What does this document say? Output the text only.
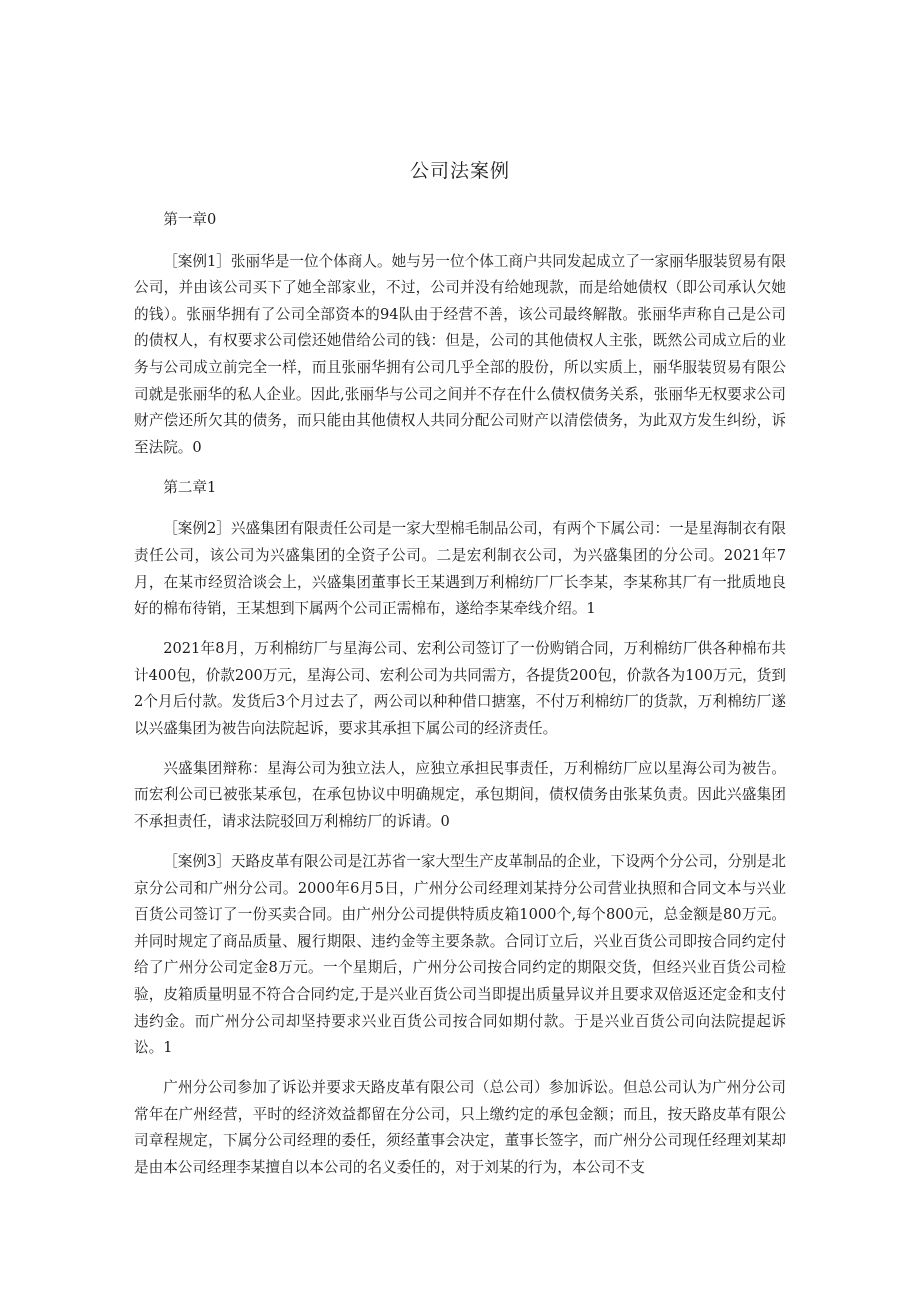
公司法案例

第一章0

［案例1］张丽华是一位个体商人。她与另一位个体工商户共同发起成立了一家丽华服装贸易有限公司，并由该公司买下了她全部家业，不过，公司并没有给她现款，而是给她债权（即公司承认欠她的钱）。张丽华拥有了公司全部资本的94队由于经营不善，该公司最终解散。张丽华声称自己是公司的债权人，有权要求公司偿还她借给公司的钱：但是，公司的其他债权人主张，既然公司成立后的业务与公司成立前完全一样，而且张丽华拥有公司几乎全部的股份，所以实质上，丽华服装贸易有限公司就是张丽华的私人企业。因此,张丽华与公司之间并不存在什么债权债务关系，张丽华无权要求公司财产偿还所欠其的债务，而只能由其他债权人共同分配公司财产以清偿债务，为此双方发生纠纷，诉至法院。0

第二章1

［案例2］兴盛集团有限责任公司是一家大型棉毛制品公司，有两个下属公司：一是星海制衣有限责任公司，该公司为兴盛集团的全资子公司。二是宏利制衣公司，为兴盛集团的分公司。2021年7月，在某市经贸洽谈会上，兴盛集团董事长王某遇到万利棉纺厂厂长李某，李某称其厂有一批质地良好的棉布待销，王某想到下属两个公司正需棉布，遂给李某牵线介绍。1

2021年8月，万利棉纺厂与星海公司、宏利公司签订了一份购销合同，万利棉纺厂供各种棉布共计400包，价款200万元，星海公司、宏利公司为共同需方，各提货200包，价款各为100万元，货到2个月后付款。发货后3个月过去了，两公司以种种借口搪塞，不付万利棉纺厂的货款，万利棉纺厂遂以兴盛集团为被告向法院起诉，要求其承担下属公司的经济责任。

兴盛集团辩称：星海公司为独立法人，应独立承担民事责任，万利棉纺厂应以星海公司为被告。而宏利公司已被张某承包，在承包协议中明确规定，承包期间，债权债务由张某负责。因此兴盛集团不承担责任，请求法院驳回万利棉纺厂的诉请。0

［案例3］天路皮革有限公司是江苏省一家大型生产皮革制品的企业，下设两个分公司，分别是北京分公司和广州分公司。2000年6月5日，广州分公司经理刘某持分公司营业执照和合同文本与兴业百货公司签订了一份买卖合同。由广州分公司提供特质皮箱1000个,每个800元，总金额是80万元。并同时规定了商品质量、履行期限、违约金等主要条款。合同订立后，兴业百货公司即按合同约定付给了广州分公司定金8万元。一个星期后，广州分公司按合同约定的期限交货，但经兴业百货公司检验，皮箱质量明显不符合合同约定,于是兴业百货公司当即提出质量异议并且要求双倍返还定金和支付违约金。而广州分公司却坚持要求兴业百货公司按合同如期付款。于是兴业百货公司向法院提起诉讼。1

广州分公司参加了诉讼并要求天路皮革有限公司（总公司）参加诉讼。但总公司认为广州分公司常年在广州经营，平时的经济效益都留在分公司，只上缴约定的承包金额；而且，按天路皮革有限公司章程规定，下属分公司经理的委任，须经董事会决定，董事长签字，而广州分公司现任经理刘某却是由本公司经理李某擅自以本公司的名义委任的，对于刘某的行为，本公司不支
